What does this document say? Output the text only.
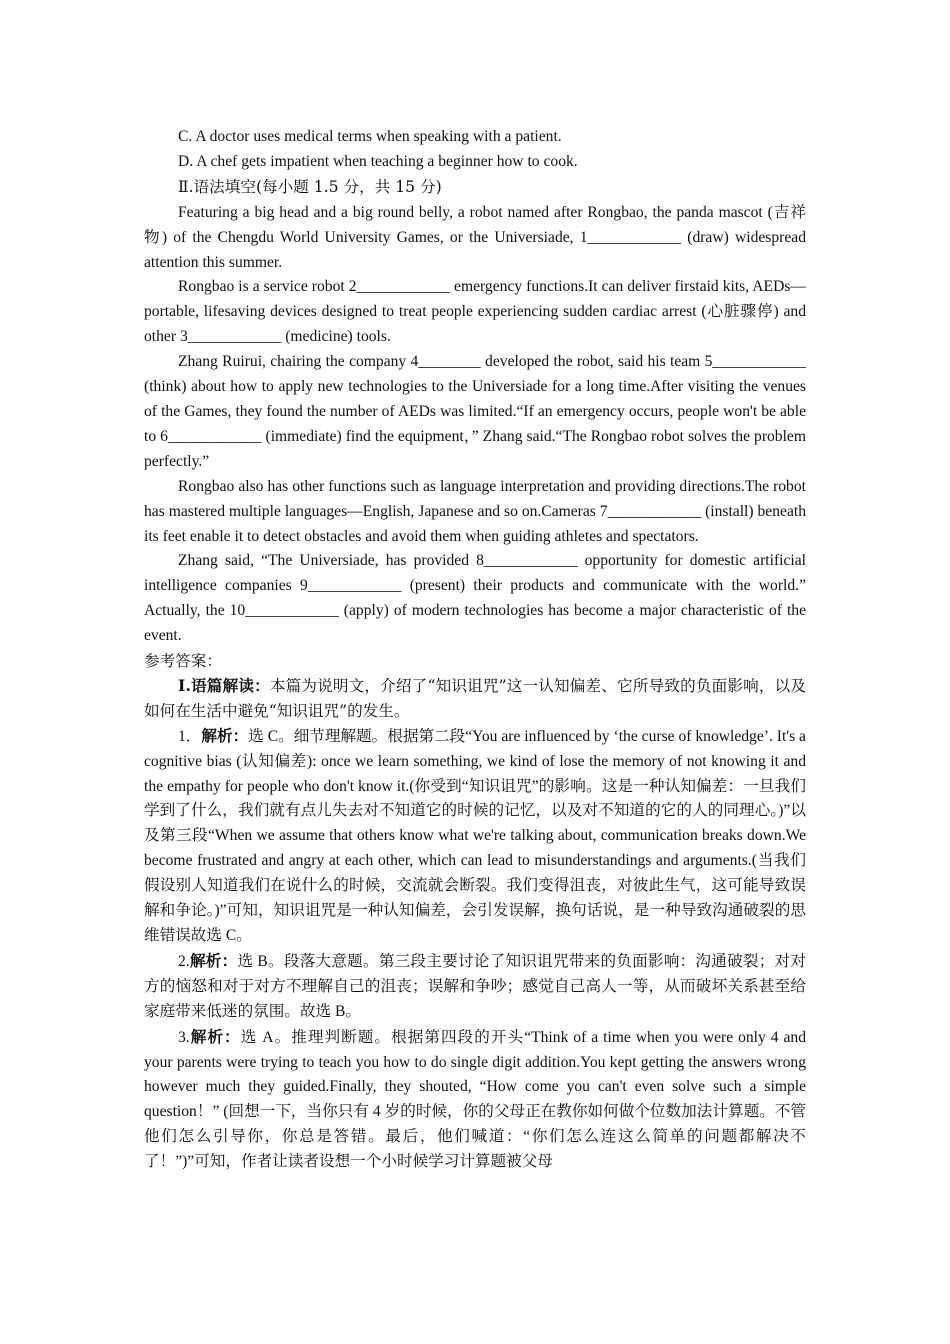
C. A doctor uses medical terms when speaking with a patient.

D. A chef gets impatient when teaching a beginner how to cook.

Ⅱ.语法填空(每小题 1.5 分，共 15 分)

Featuring a big head and a big round belly, a robot named after Rongbao, the panda mascot (吉祥物) of the Chengdu World University Games, or the Universiade, 1____________ (draw) widespread attention this summer.

Rongbao is a service robot 2____________ emergency functions.It can deliver firstaid kits, AEDs—portable, lifesaving devices designed to treat people experiencing sudden cardiac arrest (心脏骤停) and other 3____________ (medicine) tools.

Zhang Ruirui, chairing the company 4________ developed the robot, said his team 5____________ (think) about how to apply new technologies to the Universiade for a long time.After visiting the venues of the Games, they found the number of AEDs was limited.“If an emergency occurs, people won't be able to 6____________ (immediate) find the equipment，” Zhang said.“The Rongbao robot solves the problem perfectly.”

Rongbao also has other functions such as language interpretation and providing directions.The robot has mastered multiple languages—English, Japanese and so on.Cameras 7____________ (install) beneath its feet enable it to detect obstacles and avoid them when guiding athletes and spectators.

Zhang said, “The Universiade, has provided 8____________ opportunity for domestic artificial intelligence companies 9____________ (present) their products and communicate with the world.” Actually, the 10____________ (apply) of modern technologies has become a major characteristic of the event.

参考答案：

Ⅰ.语篇解读：本篇为说明文，介绍了“知识诅咒”这一认知偏差、它所导致的负面影响，以及如何在生活中避免“知识诅咒”的发生。

1．解析：选 C。细节理解题。根据第二段“You are influenced by ‘the curse of knowledge’. It's a cognitive bias (认知偏差): once we learn something, we kind of lose the memory of not knowing it and the empathy for people who don't know it.(你受到“知识诅咒”的影响。这是一种认知偏差：一旦我们学到了什么，我们就有点儿失去对不知道它的时候的记忆，以及对不知道的它的人的同理心。)”以及第三段“When we assume that others know what we're talking about, communication breaks down.We become frustrated and angry at each other, which can lead to misunderstandings and arguments.(当我们假设别人知道我们在说什么的时候，交流就会断裂。我们变得沮丧，对彼此生气，这可能导致误解和争论。)”可知，知识诅咒是一种认知偏差，会引发误解，换句话说，是一种导致沟通破裂的思维错误故选 C。

2.解析：选 B。段落大意题。第三段主要讨论了知识诅咒带来的负面影响：沟通破裂；对对方的恼怒和对于对方不理解自己的沮丧；误解和争吵；感觉自己高人一等，从而破坏关系甚至给家庭带来低迷的氛围。故选 B。

3.解析：选 A。推理判断题。根据第四段的开头“Think of a time when you were only 4 and your parents were trying to teach you how to do single digit addition.You kept getting the answers wrong however much they guided.Finally, they shouted, “How come you can't even solve such a simple question！” (回想一下，当你只有 4 岁的时候，你的父母正在教你如何做个位数加法计算题。不管他们怎么引导你，你总是答错。最后，他们喊道：“你们怎么连这么简单的问题都解决不了！”)”可知，作者让读者设想一个小时候学习计算题被父母
